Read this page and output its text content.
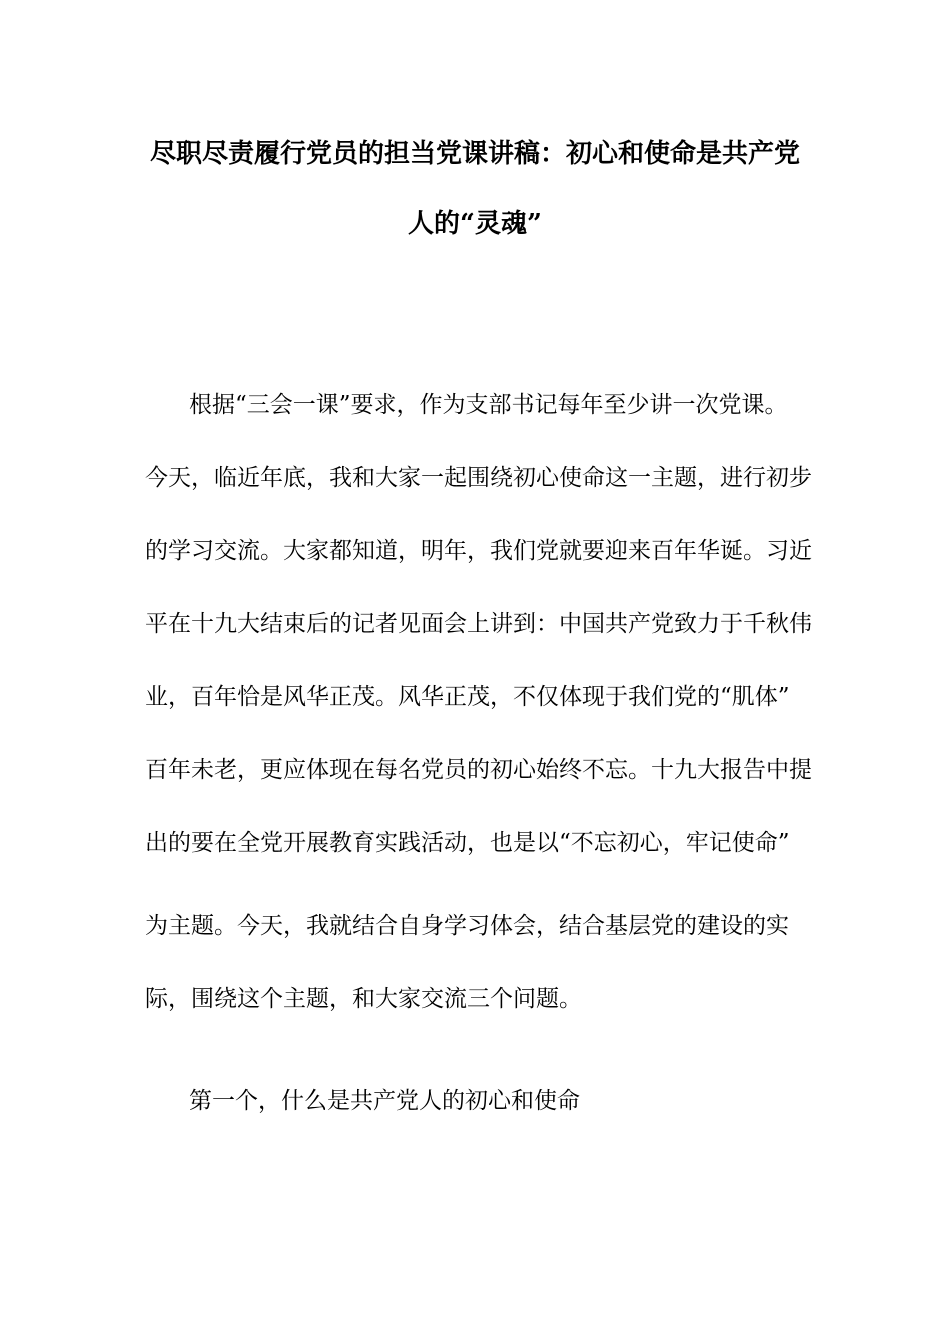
尽职尽责履行党员的担当党课讲稿：初心和使命是共产党
人的“灵魂”
根据“三会一课”要求，作为支部书记每年至少讲一次党课。
今天，临近年底，我和大家一起围绕初心使命这一主题，进行初步
的学习交流。大家都知道，明年，我们党就要迎来百年华诞。习近
平在十九大结束后的记者见面会上讲到：中国共产党致力于千秋伟
业，百年恰是风华正茂。风华正茂，不仅体现于我们党的“肌体”
百年未老，更应体现在每名党员的初心始终不忘。十九大报告中提
出的要在全党开展教育实践活动，也是以“不忘初心，牢记使命”
为主题。今天，我就结合自身学习体会，结合基层党的建设的实
际，围绕这个主题，和大家交流三个问题。
第一个，什么是共产党人的初心和使命
